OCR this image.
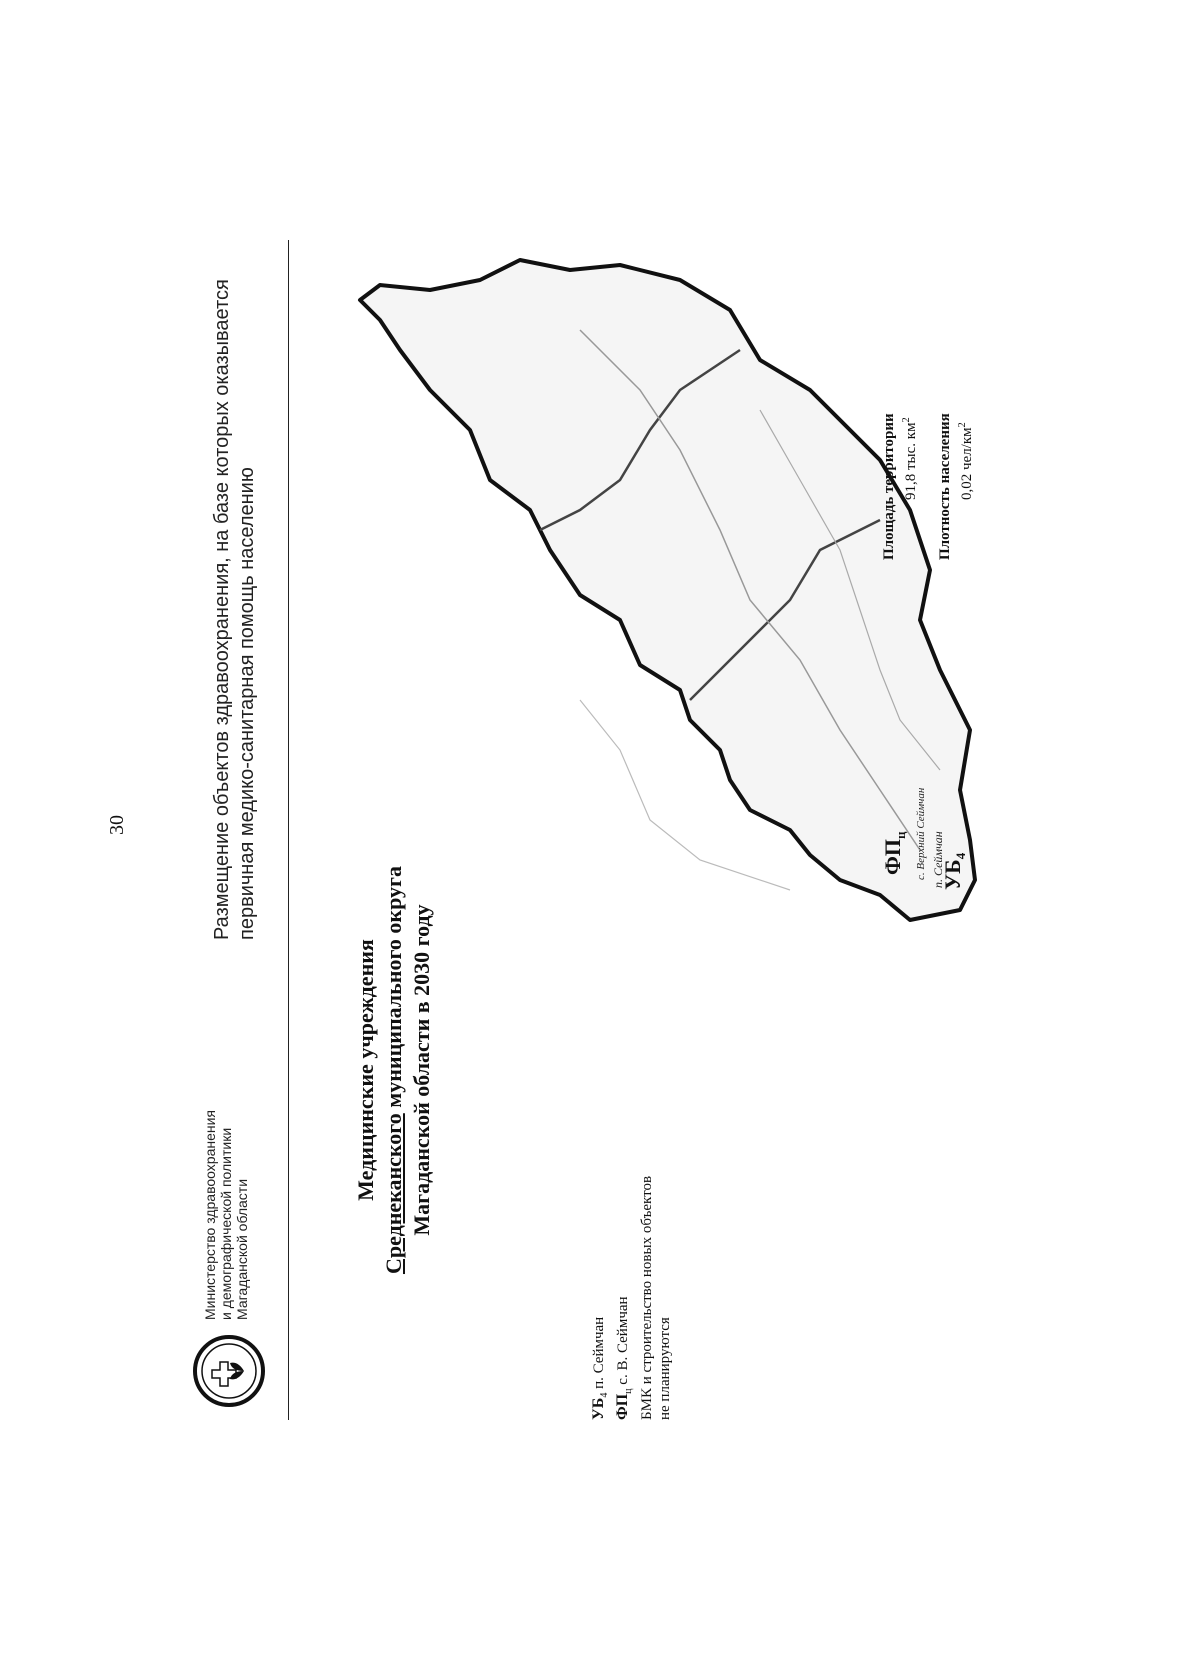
30
Министерство здравоохранения и демографической политики Магаданской области
Размещение объектов здравоохранения, на базе которых оказывается первичная медико-санитарная помощь населению
Медицинские учреждения Среднеканского муниципального округа Магаданской области в 2030 году
$УБ_4$ п. Сеймчан
$ФП_ц$ с. В. Сеймчан БМК и строительство новых объектов не планируются
$УБ_4$
п. Сеймчан
$ФП_ц$ с. Верхний Сеймчан
Площадь территории 91,8 тыс. $км^2$	Плотность населения 0,02 чел/$км^2$
